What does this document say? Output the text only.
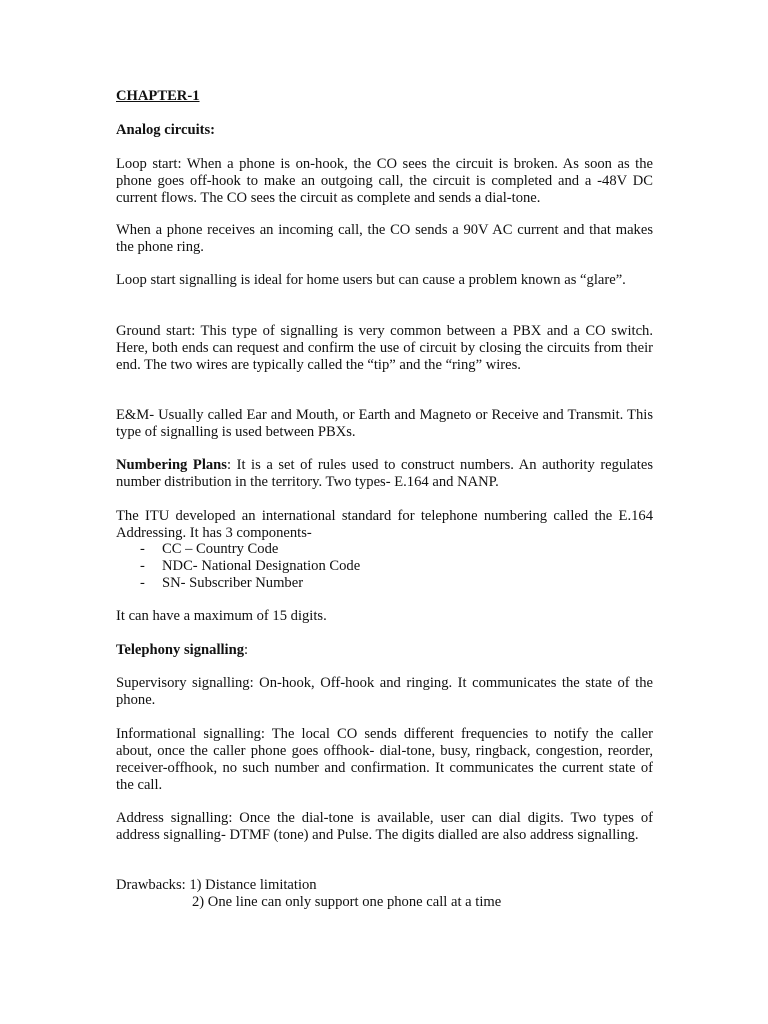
CHAPTER-1
Analog circuits:
Loop start: When a phone is on-hook, the CO sees the circuit is broken. As soon as the phone goes off-hook to make an outgoing call, the circuit is completed and a -48V DC current flows. The CO sees the circuit as complete and sends a dial-tone.
When a phone receives an incoming call, the CO sends a 90V AC current and that makes the phone ring.
Loop start signalling is ideal for home users but can cause a problem known as “glare”.
Ground start: This type of signalling is very common between a PBX and a CO switch. Here, both ends can request and confirm the use of circuit by closing the circuits from their end. The two wires are typically called the “tip” and the “ring” wires.
E&M- Usually called Ear and Mouth, or Earth and Magneto or Receive and Transmit. This type of signalling is used between PBXs.
Numbering Plans: It is a set of rules used to construct numbers. An authority regulates number distribution in the territory. Two types- E.164 and NANP.
The ITU developed an international standard for telephone numbering called the E.164 Addressing. It has 3 components-
- CC – Country Code
- NDC- National Designation Code
- SN- Subscriber Number
It can have a maximum of 15 digits.
Telephony signalling:
Supervisory signalling: On-hook, Off-hook and ringing. It communicates the state of the phone.
Informational signalling: The local CO sends different frequencies to notify the caller about, once the caller phone goes offhook- dial-tone, busy, ringback, congestion, reorder, receiver-offhook, no such number and confirmation. It communicates the current state of the call.
Address signalling: Once the dial-tone is available, user can dial digits. Two types of address signalling- DTMF (tone) and Pulse. The digits dialled are also address signalling.
Drawbacks: 1) Distance limitation
2) One line can only support one phone call at a time
